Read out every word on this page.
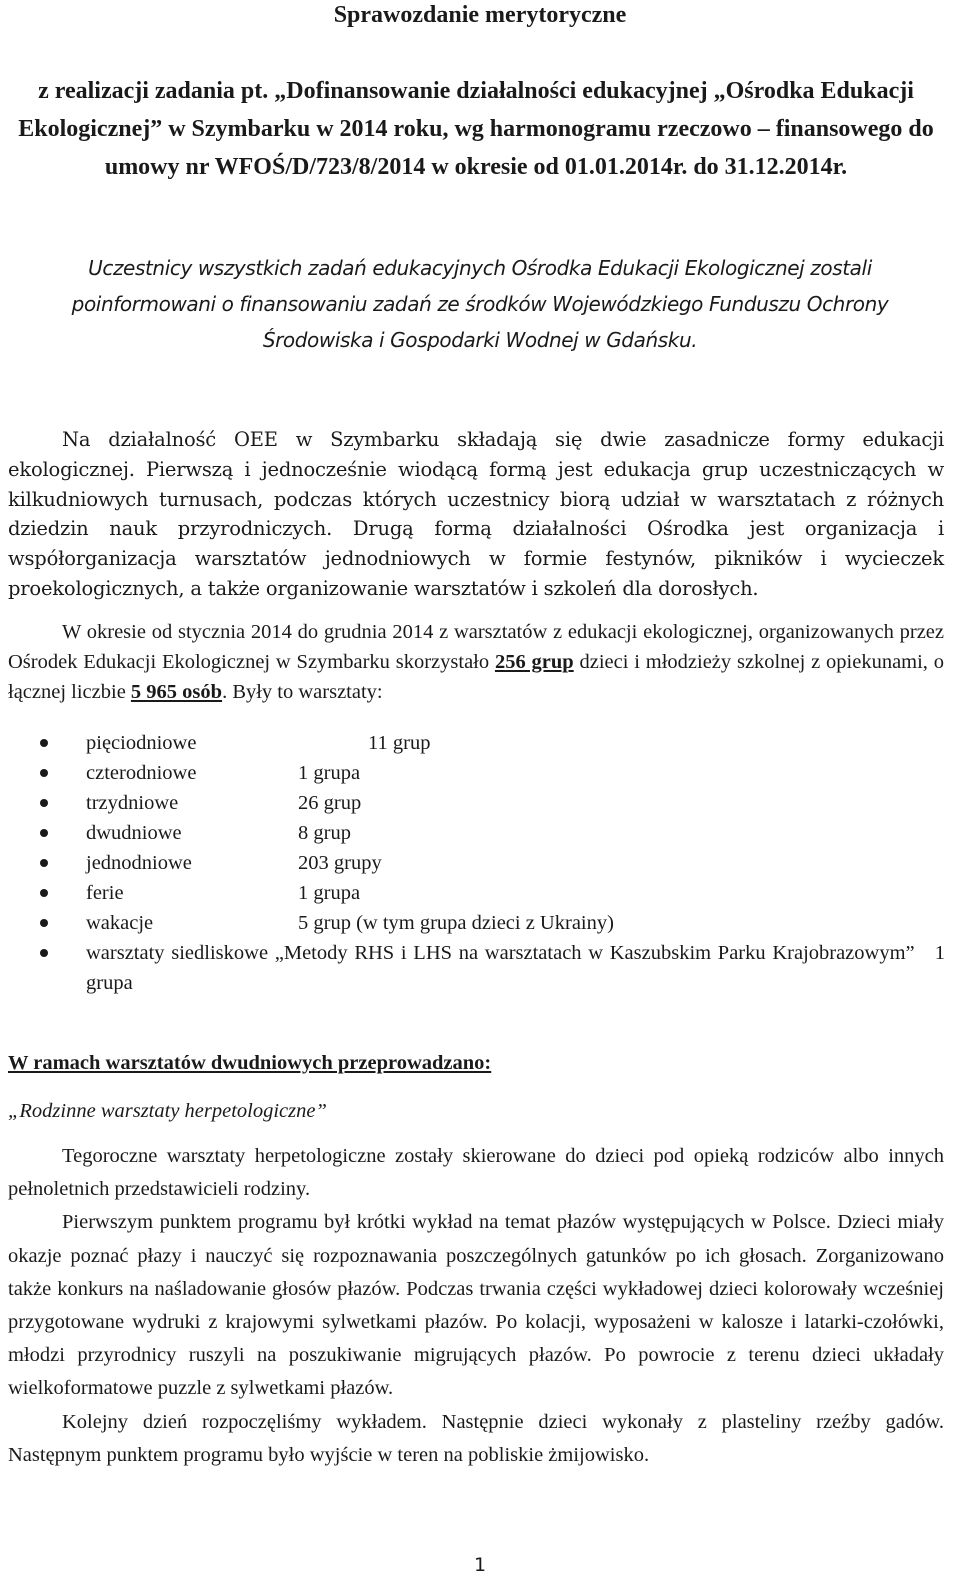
Sprawozdanie merytoryczne
z realizacji zadania pt. „Dofinansowanie działalności edukacyjnej „Ośrodka Edukacji Ekologicznej” w Szymbarku w 2014 roku, wg harmonogramu rzeczowo – finansowego do umowy nr WFOŚ/D/723/8/2014 w okresie od 01.01.2014r. do 31.12.2014r.
Uczestnicy wszystkich zadań edukacyjnych Ośrodka Edukacji Ekologicznej zostali poinformowani o finansowaniu zadań ze środków Wojewódzkiego Funduszu Ochrony Środowiska i Gospodarki Wodnej w Gdańsku.
Na działalność OEE w Szymbarku składają się dwie zasadnicze formy edukacji ekologicznej. Pierwszą i jednocześnie wiodącą formą jest edukacja grup uczestniczących w kilkudniowych turnusach, podczas których uczestnicy biorą udział w warsztatach z różnych dziedzin nauk przyrodniczych. Drugą formą działalności Ośrodka jest organizacja i współorganizacja warsztatów jednodniowych w formie festynów, pikników i wycieczek proekologicznych, a także organizowanie warsztatów i szkoleń dla dorosłych.
W okresie od stycznia 2014 do grudnia 2014 z warsztatów z edukacji ekologicznej, organizowanych przez Ośrodek Edukacji Ekologicznej w Szymbarku skorzystało 256 grup dzieci i młodzieży szkolnej z opiekunami, o łącznej liczbie 5 965 osób. Były to warsztaty:
pięciodniowe	11 grup
czterodniowe	1 grupa
trzydniowe	26 grup
dwudniowe	8 grup
jednodniowe	203 grupy
ferie	1 grupa
wakacje	5 grup (w tym grupa dzieci z Ukrainy)
warsztaty siedliskowe „Metody RHS i LHS na warsztatach w Kaszubskim Parku Krajobrazowym” 1 grupa
W ramach warsztatów dwudniowych przeprowadzano:
„Rodzinne warsztaty herpetologiczne”
Tegoroczne warsztaty herpetologiczne zostały skierowane do dzieci pod opieką rodziców albo innych pełnoletnich przedstawicieli rodziny.
Pierwszym punktem programu był krótki wykład na temat płazów występujących w Polsce. Dzieci miały okazje poznać płazy i nauczyć się rozpoznawania poszczególnych gatunków po ich głosach. Zorganizowano także konkurs na naśladowanie głosów płazów. Podczas trwania części wykładowej dzieci kolorowały wcześniej przygotowane wydruki z krajowymi sylwetkami płazów. Po kolacji, wyposażeni w kalosze i latarki-czołówki, młodzi przyrodnicy ruszyli na poszukiwanie migrujących płazów. Po powrocie z terenu dzieci układały wielkoformatowe puzzle z sylwetkami płazów.
Kolejny dzień rozpoczęliśmy wykładem. Następnie dzieci wykonały z plasteliny rzeźby gadów. Następnym punktem programu było wyjście w teren na pobliskie żmijowisko.
1
